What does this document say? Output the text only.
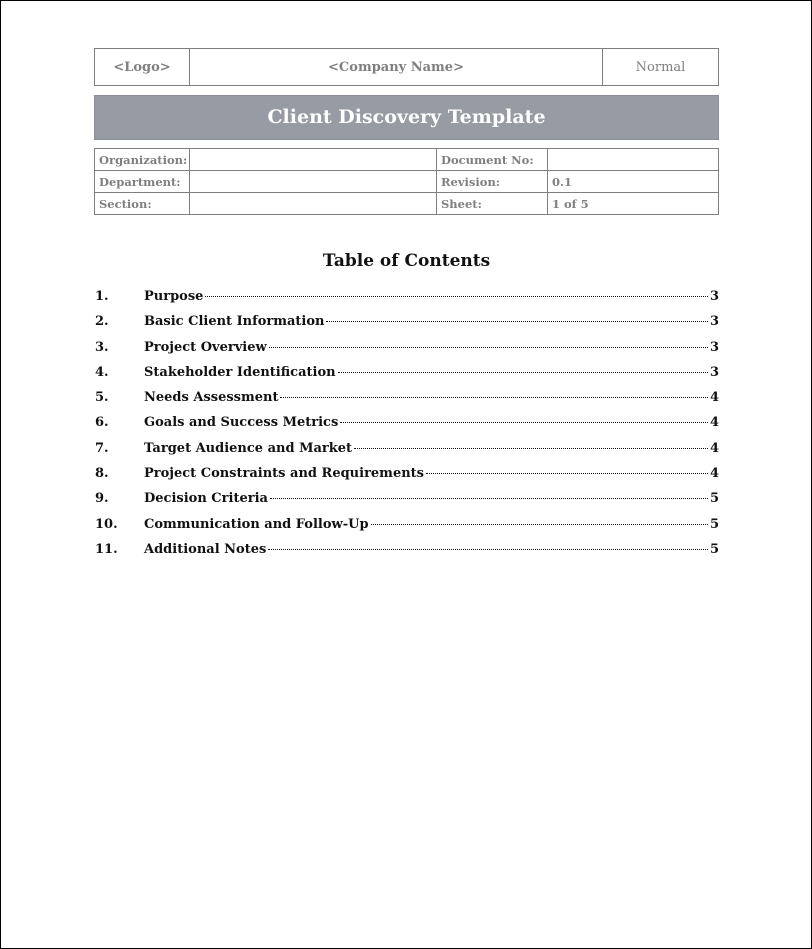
<Logo>	<Company Name>	Normal
Client Discovery Template
Organization:		Document No:	
Department:		Revision:	0.1
Section:		Sheet:	1 of 5
Table of Contents
1.	Purpose	3
2.	Basic Client Information	3
3.	Project Overview	3
4.	Stakeholder Identification	3
5.	Needs Assessment	4
6.	Goals and Success Metrics	4
7.	Target Audience and Market	4
8.	Project Constraints and Requirements	4
9.	Decision Criteria	5
10.	Communication and Follow-Up	5
11.	Additional Notes	5
